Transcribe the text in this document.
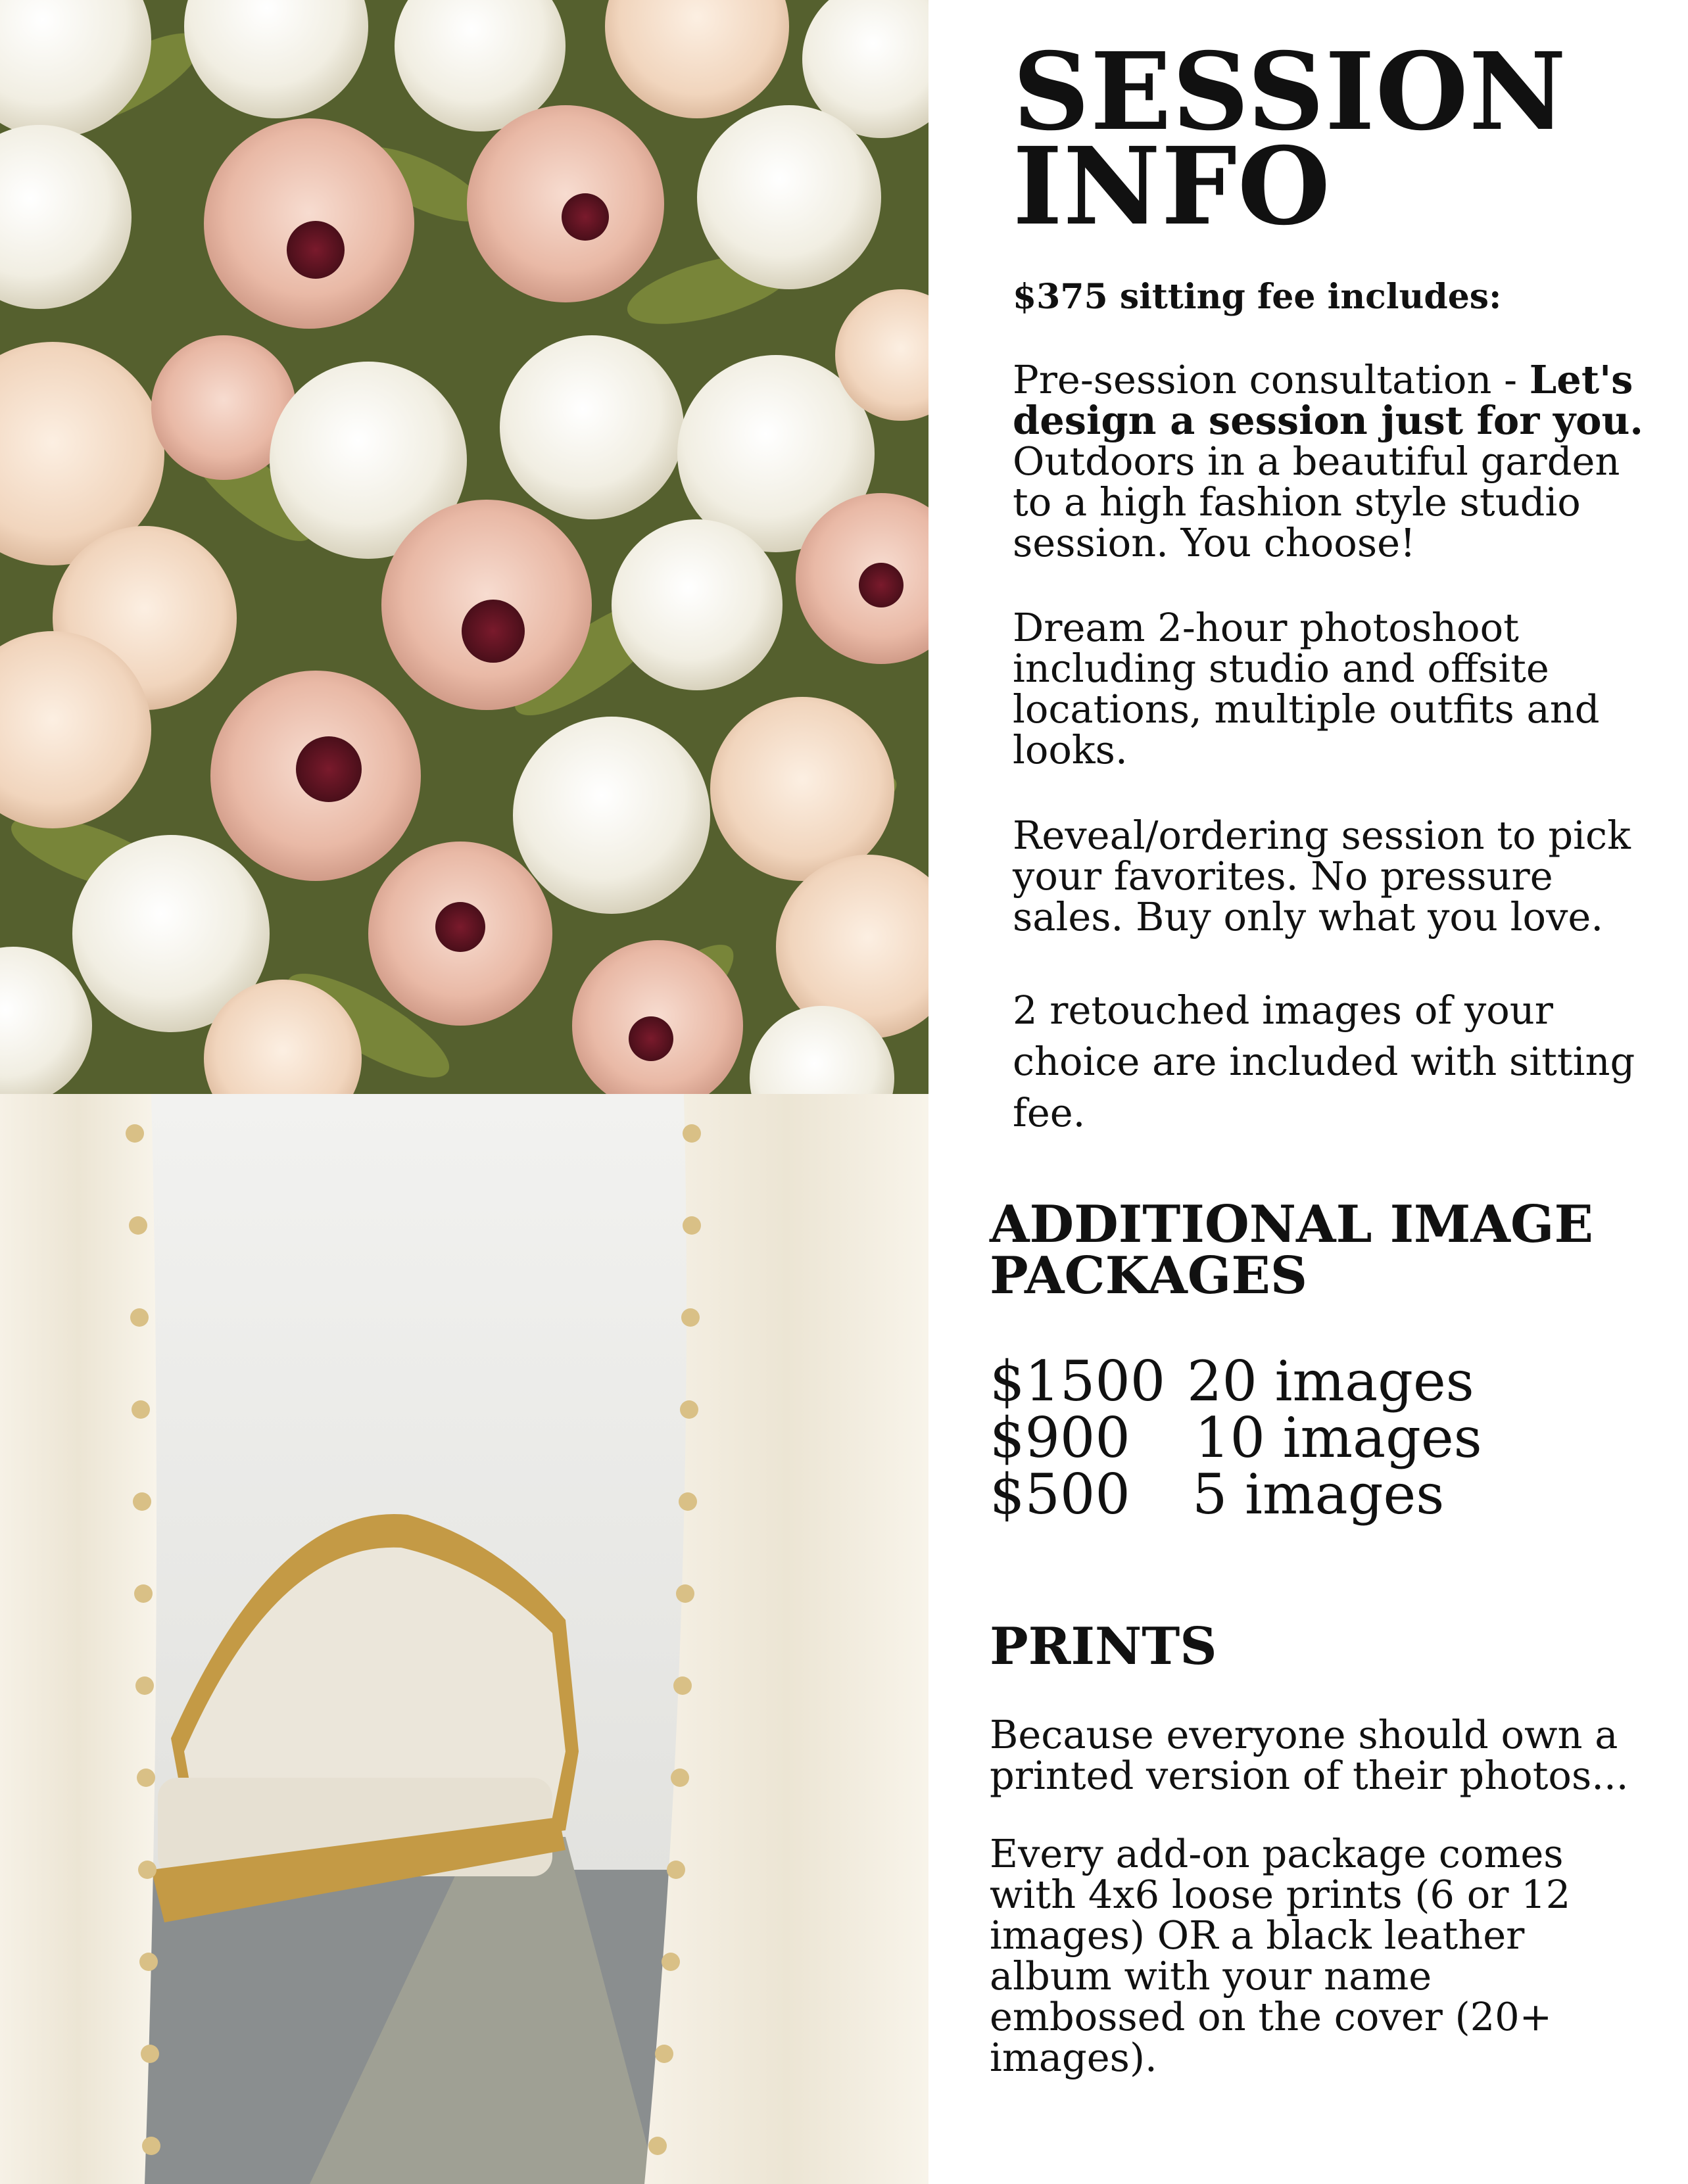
SESSION
INFO

$375 sitting fee includes:

Pre-session consultation - Let's
design a session just for you.
Outdoors in a beautiful garden
to a high fashion style studio
session. You choose!
Dream 2-hour photoshoot
including studio and offsite
locations, multiple outfits and
looks.
Reveal/ordering session to pick
your favorites. No pressure
sales. Buy only what you love.
2 retouched images of your
choice are included with sitting
fee.
ADDITIONAL IMAGE
PACKAGES
$1500 20 images
$900	10 images
$500	5 images
PRINTS
Because everyone should own a
printed version of their photos...
Every add-on package comes
with 4x6 loose prints (6 or 12
images) OR a black leather
album with your name
embossed on the cover (20+
images).
